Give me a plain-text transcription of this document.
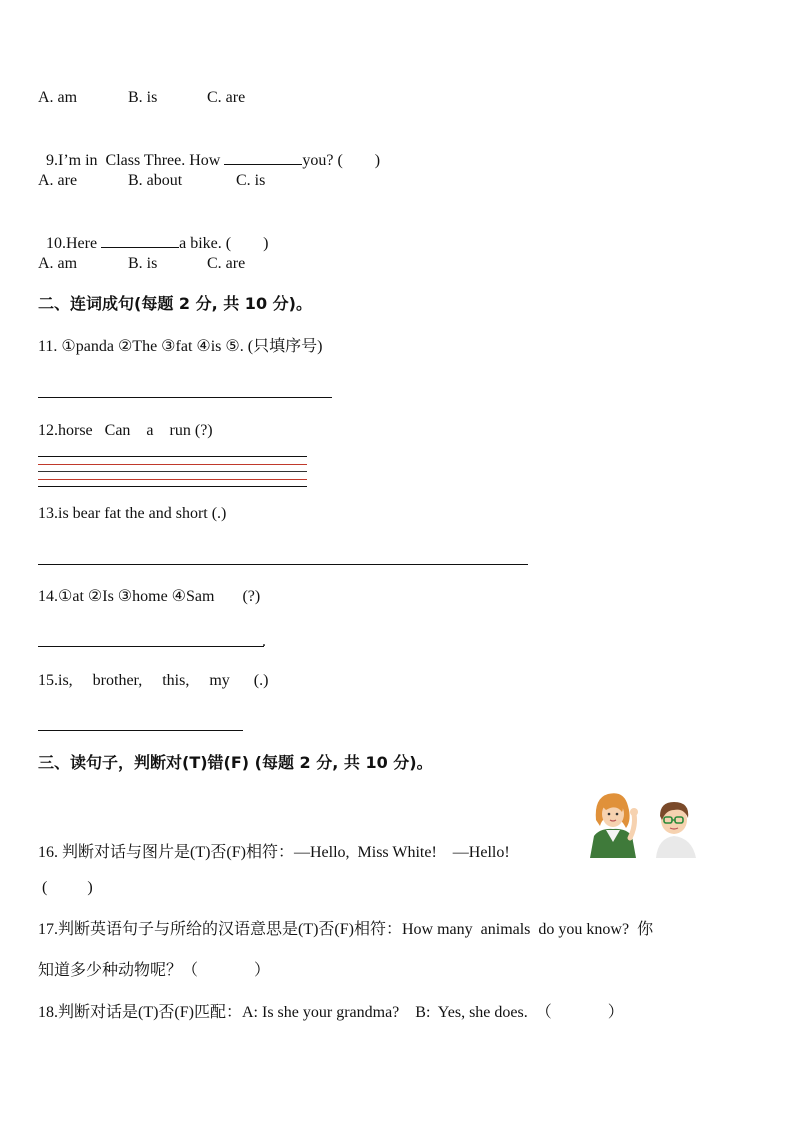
A. am	B. is	C. are

9.I’m in  Class Three. How	you? (        )

A. are	B. about	C. is

10.Here	a bike. (        )

A. am	B. is	C. are
二、连词成句(每题 2 分, 共 10 分)。
11. ①panda ②The ③fat ④is ⑤. (只填序号)
12.horse   Can    a    run (?)
13.is bear fat the and short (.)
14.①at ②Is ③home ④Sam       (?)
.
15.is,     brother,     this,     my      (.)
三、读句子，判断对(T)错(F) (每题 2 分, 共 10 分)。
16. 判断对话与图片是(T)否(F)相符：—Hello,  Miss White!    —Hello!
(          )
17.判断英语句子与所给的汉语意思是(T)否(F)相符：How many  animals  do you know?  你
知道多少种动物呢？（              ）
18.判断对话是(T)否(F)匹配：A: Is she your grandma?    B:  Yes, she does.  （              ）
